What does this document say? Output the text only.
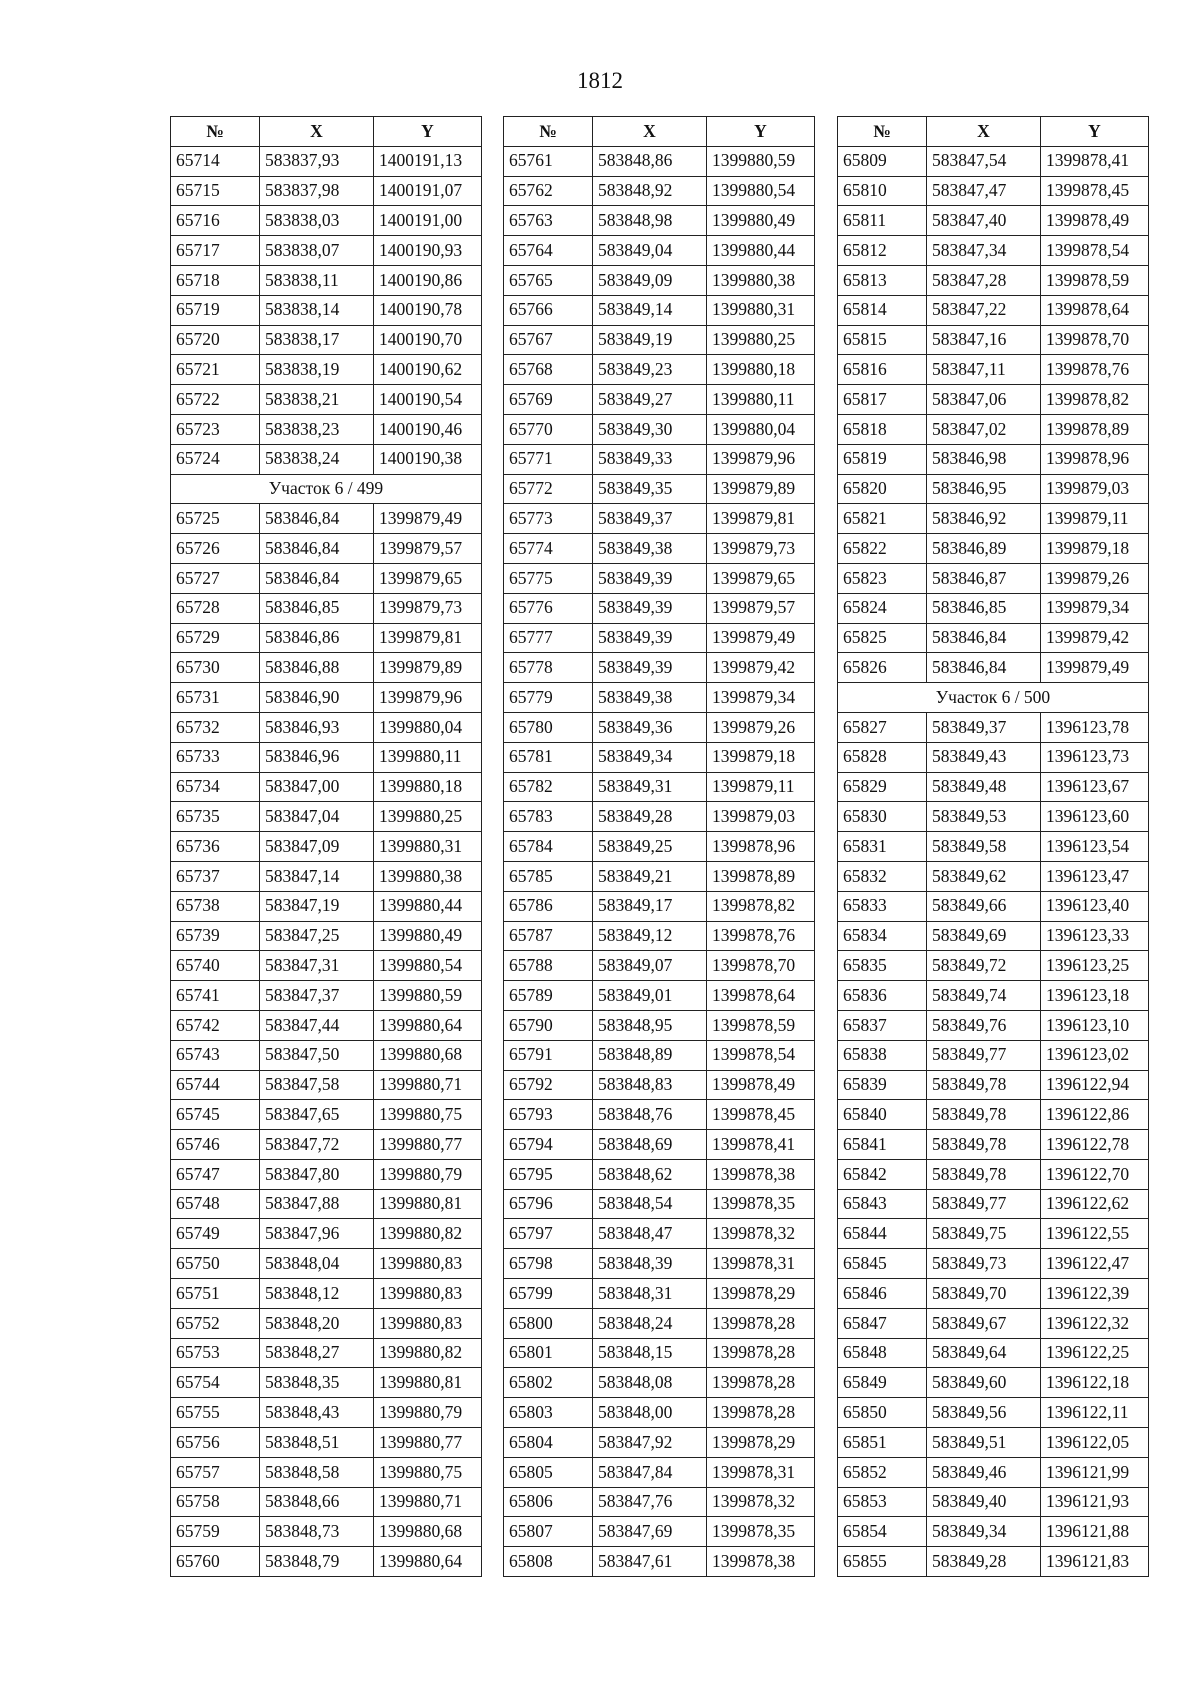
1812
№	X	Y
65714	583837,93	1400191,13
65715	583837,98	1400191,07
65716	583838,03	1400191,00
65717	583838,07	1400190,93
65718	583838,11	1400190,86
65719	583838,14	1400190,78
65720	583838,17	1400190,70
65721	583838,19	1400190,62
65722	583838,21	1400190,54
65723	583838,23	1400190,46
65724	583838,24	1400190,38
Участок 6 / 499		
65725	583846,84	1399879,49
65726	583846,84	1399879,57
65727	583846,84	1399879,65
65728	583846,85	1399879,73
65729	583846,86	1399879,81
65730	583846,88	1399879,89
65731	583846,90	1399879,96
65732	583846,93	1399880,04
65733	583846,96	1399880,11
65734	583847,00	1399880,18
65735	583847,04	1399880,25
65736	583847,09	1399880,31
65737	583847,14	1399880,38
65738	583847,19	1399880,44
65739	583847,25	1399880,49
65740	583847,31	1399880,54
65741	583847,37	1399880,59
65742	583847,44	1399880,64
65743	583847,50	1399880,68
65744	583847,58	1399880,71
65745	583847,65	1399880,75
65746	583847,72	1399880,77
65747	583847,80	1399880,79
65748	583847,88	1399880,81
65749	583847,96	1399880,82
65750	583848,04	1399880,83
65751	583848,12	1399880,83
65752	583848,20	1399880,83
65753	583848,27	1399880,82
65754	583848,35	1399880,81
65755	583848,43	1399880,79
65756	583848,51	1399880,77
65757	583848,58	1399880,75
65758	583848,66	1399880,71
65759	583848,73	1399880,68
65760	583848,79	1399880,64
№	X	Y
65761	583848,86	1399880,59
65762	583848,92	1399880,54
65763	583848,98	1399880,49
65764	583849,04	1399880,44
65765	583849,09	1399880,38
65766	583849,14	1399880,31
65767	583849,19	1399880,25
65768	583849,23	1399880,18
65769	583849,27	1399880,11
65770	583849,30	1399880,04
65771	583849,33	1399879,96
65772	583849,35	1399879,89
65773	583849,37	1399879,81
65774	583849,38	1399879,73
65775	583849,39	1399879,65
65776	583849,39	1399879,57
65777	583849,39	1399879,49
65778	583849,39	1399879,42
65779	583849,38	1399879,34
65780	583849,36	1399879,26
65781	583849,34	1399879,18
65782	583849,31	1399879,11
65783	583849,28	1399879,03
65784	583849,25	1399878,96
65785	583849,21	1399878,89
65786	583849,17	1399878,82
65787	583849,12	1399878,76
65788	583849,07	1399878,70
65789	583849,01	1399878,64
65790	583848,95	1399878,59
65791	583848,89	1399878,54
65792	583848,83	1399878,49
65793	583848,76	1399878,45
65794	583848,69	1399878,41
65795	583848,62	1399878,38
65796	583848,54	1399878,35
65797	583848,47	1399878,32
65798	583848,39	1399878,31
65799	583848,31	1399878,29
65800	583848,24	1399878,28
65801	583848,15	1399878,28
65802	583848,08	1399878,28
65803	583848,00	1399878,28
65804	583847,92	1399878,29
65805	583847,84	1399878,31
65806	583847,76	1399878,32
65807	583847,69	1399878,35
65808	583847,61	1399878,38
№	X	Y
65809	583847,54	1399878,41
65810	583847,47	1399878,45
65811	583847,40	1399878,49
65812	583847,34	1399878,54
65813	583847,28	1399878,59
65814	583847,22	1399878,64
65815	583847,16	1399878,70
65816	583847,11	1399878,76
65817	583847,06	1399878,82
65818	583847,02	1399878,89
65819	583846,98	1399878,96
65820	583846,95	1399879,03
65821	583846,92	1399879,11
65822	583846,89	1399879,18
65823	583846,87	1399879,26
65824	583846,85	1399879,34
65825	583846,84	1399879,42
65826	583846,84	1399879,49
Участок 6 / 500		
65827	583849,37	1396123,78
65828	583849,43	1396123,73
65829	583849,48	1396123,67
65830	583849,53	1396123,60
65831	583849,58	1396123,54
65832	583849,62	1396123,47
65833	583849,66	1396123,40
65834	583849,69	1396123,33
65835	583849,72	1396123,25
65836	583849,74	1396123,18
65837	583849,76	1396123,10
65838	583849,77	1396123,02
65839	583849,78	1396122,94
65840	583849,78	1396122,86
65841	583849,78	1396122,78
65842	583849,78	1396122,70
65843	583849,77	1396122,62
65844	583849,75	1396122,55
65845	583849,73	1396122,47
65846	583849,70	1396122,39
65847	583849,67	1396122,32
65848	583849,64	1396122,25
65849	583849,60	1396122,18
65850	583849,56	1396122,11
65851	583849,51	1396122,05
65852	583849,46	1396121,99
65853	583849,40	1396121,93
65854	583849,34	1396121,88
65855	583849,28	1396121,83
